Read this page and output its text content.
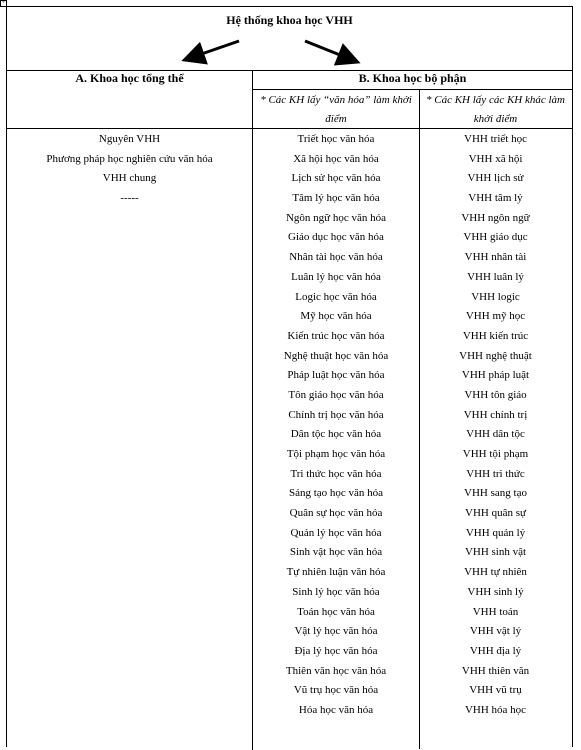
+
Hệ thống khoa học VHH
A. Khoa học tổng thể	B. Khoa học bộ phận
* Các KH lấy “văn hóa” làm khởi điểm
* Các KH lấy các KH khác làm khởi điểm
Nguyên VHH
Phương pháp học nghiên cứu văn hóa
VHH chung
-----
Triết học văn hóa
Xã hội học văn hóa
Lịch sử học văn hóa
Tâm lý học văn hóa
Ngôn ngữ học văn hóa
Giáo dục học văn hóa
Nhân tài học văn hóa
Luân lý học văn hóa
Logic học văn hóa
Mỹ học văn hóa
Kiến trúc học văn hóa
Nghệ thuật học văn hóa
Pháp luật học văn hóa
Tôn giáo học văn hóa
Chính trị học văn hóa
Dân tộc học văn hóa
Tội phạm học văn hóa
Tri thức học văn hóa
Sáng tạo học văn hóa
Quân sự học văn hóa
Quản lý học văn hóa
Sinh vật học văn hóa
Tự nhiên luận văn hóa
Sinh lý học văn hóa
Toán học văn hóa
Vật lý học văn hóa
Địa lý học văn hóa
Thiên văn học văn hóa
Vũ trụ học văn hóa
Hóa học văn hóa
VHH triết học
VHH xã hội
VHH lịch sử
VHH tâm lý
VHH ngôn ngữ
VHH giáo dục
VHH nhân tài
VHH luân lý
VHH logic
VHH mỹ học
VHH kiến trúc
VHH nghệ thuật
VHH pháp luật
VHH tôn giáo
VHH chính trị
VHH dân tộc
VHH tội phạm
VHH tri thức
VHH sang tạo
VHH quân sự
VHH quản lý
VHH sinh vật
VHH tự nhiên
VHH sinh lý
VHH toán
VHH vật lý
VHH địa lý
VHH thiên văn
VHH vũ trụ
VHH hóa học
